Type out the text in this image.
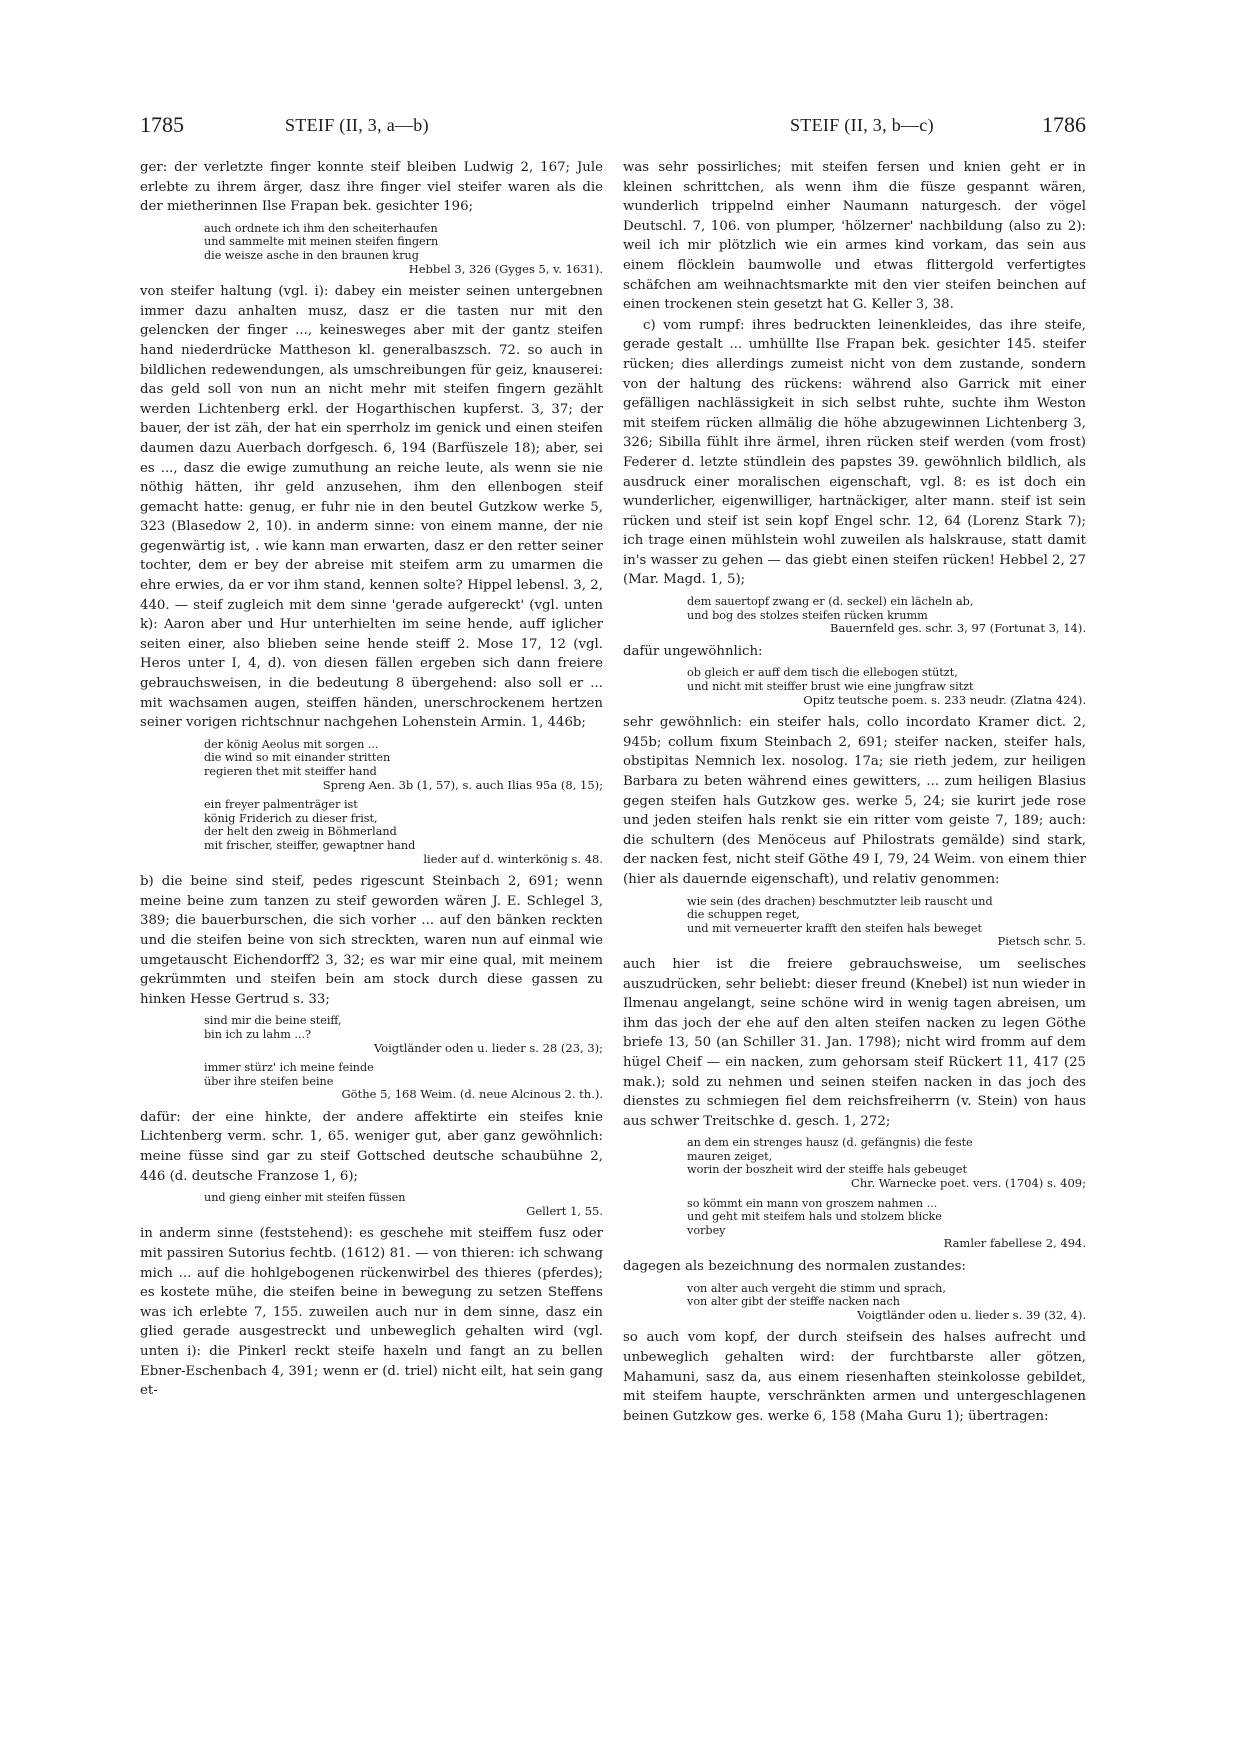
1785	STEIF (II, 3, a—b)	STEIF (II, 3, b—c)	1786

ger: der verletzte finger konnte steif bleiben Ludwig 2, 167; Jule erlebte zu ihrem ärger, dasz ihre finger viel steifer waren als die der mietherinnen Ilse Frapan bek. gesichter 196;

auch ordnete ich ihm den scheiterhaufen
und sammelte mit meinen steifen fingern
die weisze asche in den braunen krug
Hebbel 3, 326 (Gyges 5, v. 1631).

von steifer haltung (vgl. i): dabey ein meister seinen untergebnen immer dazu anhalten musz, dasz er die tasten nur mit den gelencken der finger ..., keinesweges aber mit der gantz steifen hand niederdrücke Mattheson kl. generalbaszsch. 72. so auch in bildlichen redewendungen, als umschreibungen für geiz, knauserei: das geld soll von nun an nicht mehr mit steifen fingern gezählt werden Lichtenberg erkl. der Hogarthischen kupferst. 3, 37; der bauer, der ist zäh, der hat ein sperrholz im genick und einen steifen daumen dazu Auerbach dorfgesch. 6, 194 (Barfüszele 18); aber, sei es ..., dasz die ewige zumuthung an reiche leute, als wenn sie nie nöthig hätten, ihr geld anzusehen, ihm den ellenbogen steif gemacht hatte: genug, er fuhr nie in den beutel Gutzkow werke 5, 323 (Blasedow 2, 10). in anderm sinne: von einem manne, der nie gegenwärtig ist, . wie kann man erwarten, dasz er den retter seiner tochter, dem er bey der abreise mit steifem arm zu umarmen die ehre erwies, da er vor ihm stand, kennen solte? Hippel lebensl. 3, 2, 440. — steif zugleich mit dem sinne 'gerade aufgereckt' (vgl. unten k): Aaron aber und Hur unterhielten im seine hende, auff iglicher seiten einer, also blieben seine hende steiff 2. Mose 17, 12 (vgl. Heros unter I, 4, d). von diesen fällen ergeben sich dann freiere gebrauchsweisen, in die bedeutung 8 übergehend: also soll er ... mit wachsamen augen, steiffen händen, unerschrockenem hertzen seiner vorigen richtschnur nachgehen Lohenstein Armin. 1, 446b;

der könig Aeolus mit sorgen ...
die wind so mit einander stritten
regieren thet mit steiffer hand
Spreng Aen. 3b (1, 57), s. auch Ilias 95a (8, 15);
ein freyer palmenträger ist
könig Friderich zu dieser frist,
der helt den zweig in Böhmerland
mit frischer, steiffer, gewaptner hand
lieder auf d. winterkönig s. 48.

b) die beine sind steif, pedes rigescunt Steinbach 2, 691; wenn meine beine zum tanzen zu steif geworden wären J. E. Schlegel 3, 389; die bauerburschen, die sich vorher ... auf den bänken reckten und die steifen beine von sich streckten, waren nun auf einmal wie umgetauscht Eichendorff2 3, 32; es war mir eine qual, mit meinem gekrümmten und steifen bein am stock durch diese gassen zu hinken Hesse Gertrud s. 33;

sind mir die beine steiff,
bin ich zu lahm ...?
Voigtländer oden u. lieder s. 28 (23, 3);
immer stürz' ich meine feinde
über ihre steifen beine
Göthe 5, 168 Weim. (d. neue Alcinous 2. th.).

dafür: der eine hinkte, der andere affektirte ein steifes knie Lichtenberg verm. schr. 1, 65. weniger gut, aber ganz gewöhnlich: meine füsse sind gar zu steif Gottsched deutsche schaubühne 2, 446 (d. deutsche Franzose 1, 6);

und gieng einher mit steifen füssen
Gellert 1, 55.

in anderm sinne (feststehend): es geschehe mit steiffem fusz oder mit passiren Sutorius fechtb. (1612) 81. — von thieren: ich schwang mich ... auf die hohlgebogenen rückenwirbel des thieres (pferdes); es kostete mühe, die steifen beine in bewegung zu setzen Steffens was ich erlebte 7, 155. zuweilen auch nur in dem sinne, dasz ein glied gerade ausgestreckt und unbeweglich gehalten wird (vgl. unten i): die Pinkerl reckt steife haxeln und fangt an zu bellen Ebner-Eschenbach 4, 391; wenn er (d. triel) nicht eilt, hat sein gang et-

was sehr possirliches; mit steifen fersen und knien geht er in kleinen schrittchen, als wenn ihm die füsze gespannt wären, wunderlich trippelnd einher Naumann naturgesch. der vögel Deutschl. 7, 106. von plumper, 'hölzerner' nachbildung (also zu 2): weil ich mir plötzlich wie ein armes kind vorkam, das sein aus einem flöcklein baumwolle und etwas flittergold verfertigtes schäfchen am weihnachtsmarkte mit den vier steifen beinchen auf einen trockenen stein gesetzt hat G. Keller 3, 38.

c) vom rumpf: ihres bedruckten leinenkleides, das ihre steife, gerade gestalt ... umhüllte Ilse Frapan bek. gesichter 145. steifer rücken; dies allerdings zumeist nicht von dem zustande, sondern von der haltung des rückens: während also Garrick mit einer gefälligen nachlässigkeit in sich selbst ruhte, suchte ihm Weston mit steifem rücken allmälig die höhe abzugewinnen Lichtenberg 3, 326; Sibilla fühlt ihre ärmel, ihren rücken steif werden (vom frost) Federer d. letzte stündlein des papstes 39. gewöhnlich bildlich, als ausdruck einer moralischen eigenschaft, vgl. 8: es ist doch ein wunderlicher, eigenwilliger, hartnäckiger, alter mann. steif ist sein rücken und steif ist sein kopf Engel schr. 12, 64 (Lorenz Stark 7); ich trage einen mühlstein wohl zuweilen als halskrause, statt damit in's wasser zu gehen — das giebt einen steifen rücken! Hebbel 2, 27 (Mar. Magd. 1, 5);

dem sauertopf zwang er (d. seckel) ein lächeln ab,
und bog des stolzes steifen rücken krumm
Bauernfeld ges. schr. 3, 97 (Fortunat 3, 14).

dafür ungewöhnlich:

ob gleich er auff dem tisch die ellebogen stützt,
und nicht mit steiffer brust wie eine jungfraw sitzt
Opitz teutsche poem. s. 233 neudr. (Zlatna 424).

sehr gewöhnlich: ein steifer hals, collo incordato Kramer dict. 2, 945b; collum fixum Steinbach 2, 691; steifer nacken, steifer hals, obstipitas Nemnich lex. nosolog. 17a; sie rieth jedem, zur heiligen Barbara zu beten während eines gewitters, ... zum heiligen Blasius gegen steifen hals Gutzkow ges. werke 5, 24; sie kurirt jede rose und jeden steifen hals renkt sie ein ritter vom geiste 7, 189; auch: die schultern (des Menöceus auf Philostrats gemälde) sind stark, der nacken fest, nicht steif Göthe 49 I, 79, 24 Weim. von einem thier (hier als dauernde eigenschaft), und relativ genommen:

wie sein (des drachen) beschmutzter leib rauscht und
die schuppen reget,
und mit verneuerter krafft den steifen hals beweget
Pietsch schr. 5.

auch hier ist die freiere gebrauchsweise, um seelisches auszudrücken, sehr beliebt: dieser freund (Knebel) ist nun wieder in Ilmenau angelangt, seine schöne wird in wenig tagen abreisen, um ihm das joch der ehe auf den alten steifen nacken zu legen Göthe briefe 13, 50 (an Schiller 31. Jan. 1798); nicht wird fromm auf dem hügel Cheif — ein nacken, zum gehorsam steif Rückert 11, 417 (25 mak.); sold zu nehmen und seinen steifen nacken in das joch des dienstes zu schmiegen fiel dem reichsfreiherrn (v. Stein) von haus aus schwer Treitschke d. gesch. 1, 272;

an dem ein strenges hausz (d. gefängnis) die feste
mauren zeiget,
worin der boszheit wird der steiffe hals gebeuget
Chr. Warnecke poet. vers. (1704) s. 409;
so kömmt ein mann von groszem nahmen ...
und geht mit steifem hals und stolzem blicke
vorbey
Ramler fabellese 2, 494.

dagegen als bezeichnung des normalen zustandes:

von alter auch vergeht die stimm und sprach,
von alter gibt der steiffe nacken nach
Voigtländer oden u. lieder s. 39 (32, 4).

so auch vom kopf, der durch steifsein des halses aufrecht und unbeweglich gehalten wird: der furchtbarste aller götzen, Mahamuni, sasz da, aus einem riesenhaften steinkolosse gebildet, mit steifem haupte, verschränkten armen und untergeschlagenen beinen Gutzkow ges. werke 6, 158 (Maha Guru 1); übertragen:
